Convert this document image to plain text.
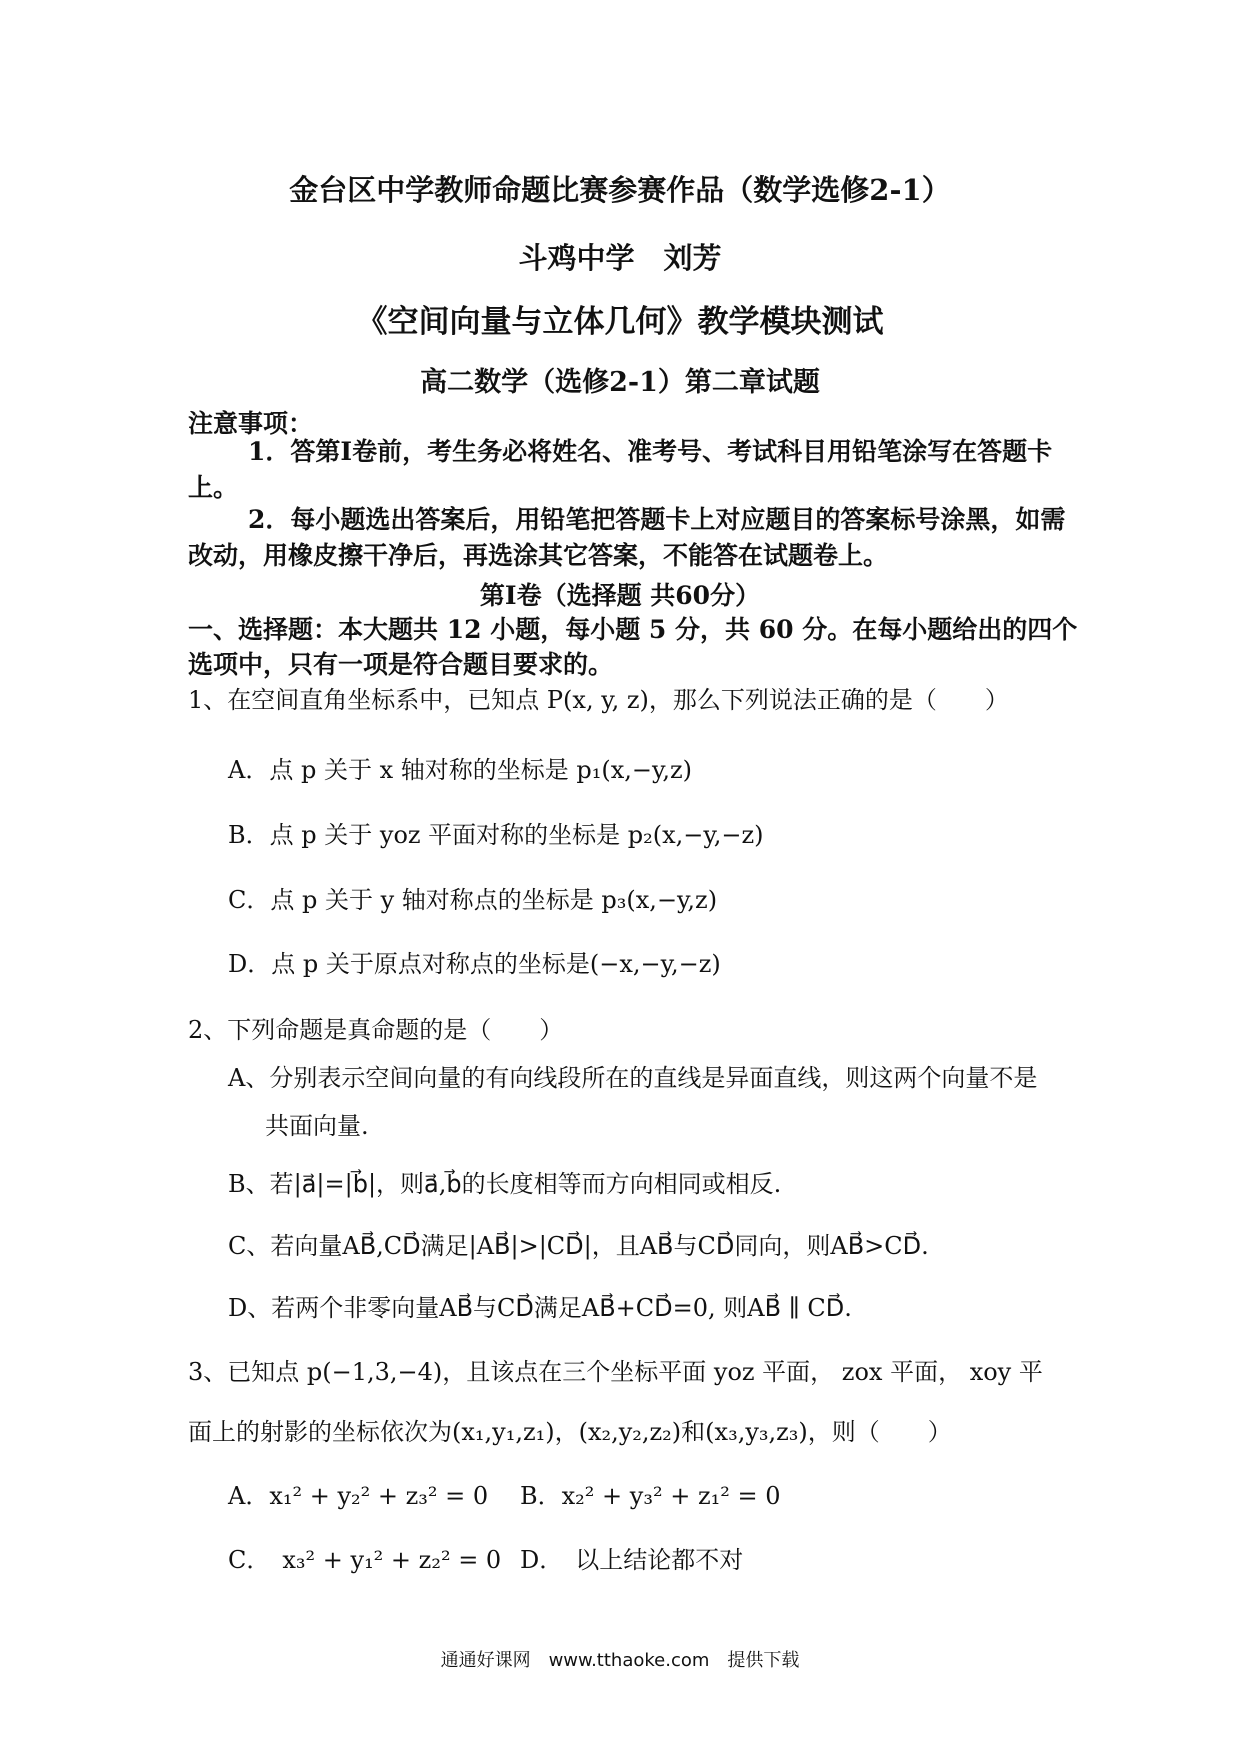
金台区中学教师命题比赛参赛作品（数学选修2-1）
斗鸡中学　刘芳
《空间向量与立体几何》教学模块测试
高二数学（选修2-1）第二章试题
注意事项：
1．答第Ⅰ卷前，考生务必将姓名、准考号、考试科目用铅笔涂写在答题卡
上。
2．每小题选出答案后，用铅笔把答题卡上对应题目的答案标号涂黑，如需
改动，用橡皮擦干净后，再选涂其它答案，不能答在试题卷上。
第Ⅰ卷（选择题 共60分）
一、选择题：本大题共 12 小题，每小题 5 分，共 60 分。在每小题给出的四个
选项中，只有一项是符合题目要求的。
1、在空间直角坐标系中，已知点 P(x, y, z)，那么下列说法正确的是（　　）
A．点 p 关于 x 轴对称的坐标是 p₁(x,−y,z)
B．点 p 关于 yoz 平面对称的坐标是 p₂(x,−y,−z)
C．点 p 关于 y 轴对称点的坐标是 p₃(x,−y,z)
D．点 p 关于原点对称点的坐标是(−x,−y,−z)
2、下列命题是真命题的是（　　）
A、分别表示空间向量的有向线段所在的直线是异面直线，则这两个向量不是
共面向量.
B、若|a⃗|=|b⃗|，则a⃗,b⃗的长度相等而方向相同或相反.
C、若向量AB⃗,CD⃗满足|AB⃗|>|CD⃗|，且AB⃗与CD⃗同向，则AB⃗>CD⃗.
D、若两个非零向量AB⃗与CD⃗满足AB⃗+CD⃗=0, 则AB⃗ ∥ CD⃗.
3、已知点 p(−1,3,−4)，且该点在三个坐标平面 yoz 平面， zox 平面， xoy 平
面上的射影的坐标依次为(x₁,y₁,z₁)，(x₂,y₂,z₂)和(x₃,y₃,z₃)，则（　　）
A．x₁² + y₂² + z₃² = 0 B．x₂² + y₃² + z₁² = 0
C．　x₃² + y₁² + z₂² = 0 D．　以上结论都不对
通通好课网　www.tthaoke.com　提供下载
